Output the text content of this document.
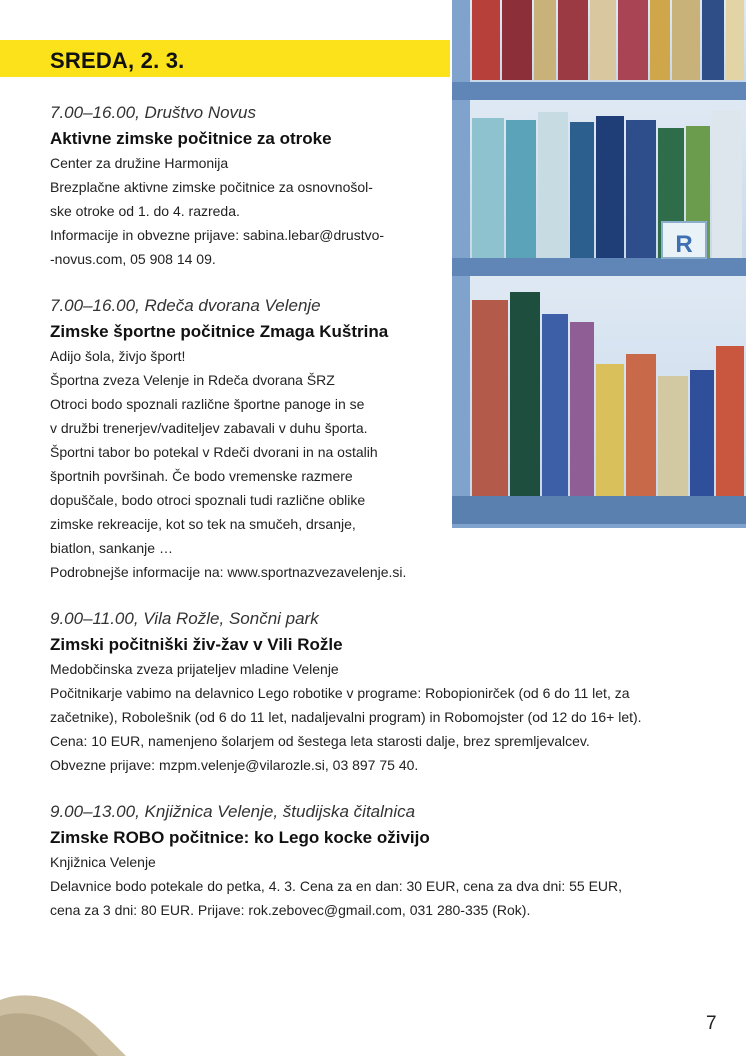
SREDA, 2. 3.
R
7.00–16.00, Društvo Novus
Aktivne zimske počitnice za otroke
Center za družine Harmonija
Brezplačne aktivne zimske počitnice za osnovnošol-
ske otroke od 1. do 4. razreda.
Informacije in obvezne prijave: sabina.lebar@drustvo-
-novus.com, 05 908 14 09.
7.00–16.00, Rdeča dvorana Velenje
Zimske športne počitnice Zmaga Kuštrina
Adijo šola, živjo šport!
Športna zveza Velenje in Rdeča dvorana ŠRZ
Otroci bodo spoznali različne športne panoge in se
v družbi trenerjev/vaditeljev zabavali v duhu športa.
Športni tabor bo potekal v Rdeči dvorani in na ostalih
športnih površinah. Če bodo vremenske razmere
dopuščale, bodo otroci spoznali tudi različne oblike
zimske rekreacije, kot so tek na smučeh, drsanje,
biatlon, sankanje …
Podrobnejše informacije na: www.sportnazvezavelenje.si.
9.00–11.00, Vila Rožle, Sončni park
Zimski počitniški živ-žav v Vili Rožle
Medobčinska zveza prijateljev mladine Velenje
Počitnikarje vabimo na delavnico Lego robotike v programe: Robopionirček (od 6 do 11 let, za
začetnike), Robolešnik (od 6 do 11 let, nadaljevalni program) in Robomojster (od 12 do 16+ let).
Cena: 10 EUR, namenjeno šolarjem od šestega leta starosti dalje, brez spremljevalcev.
Obvezne prijave: mzpm.velenje@vilarozle.si, 03 897 75 40.
9.00–13.00, Knjižnica Velenje, študijska čitalnica
Zimske ROBO počitnice: ko Lego kocke oživijo
Knjižnica Velenje
Delavnice bodo potekale do petka, 4. 3. Cena za en dan: 30 EUR, cena za dva dni: 55 EUR,
cena za 3 dni: 80 EUR. Prijave: rok.zebovec@gmail.com, 031 280-335 (Rok).
7
